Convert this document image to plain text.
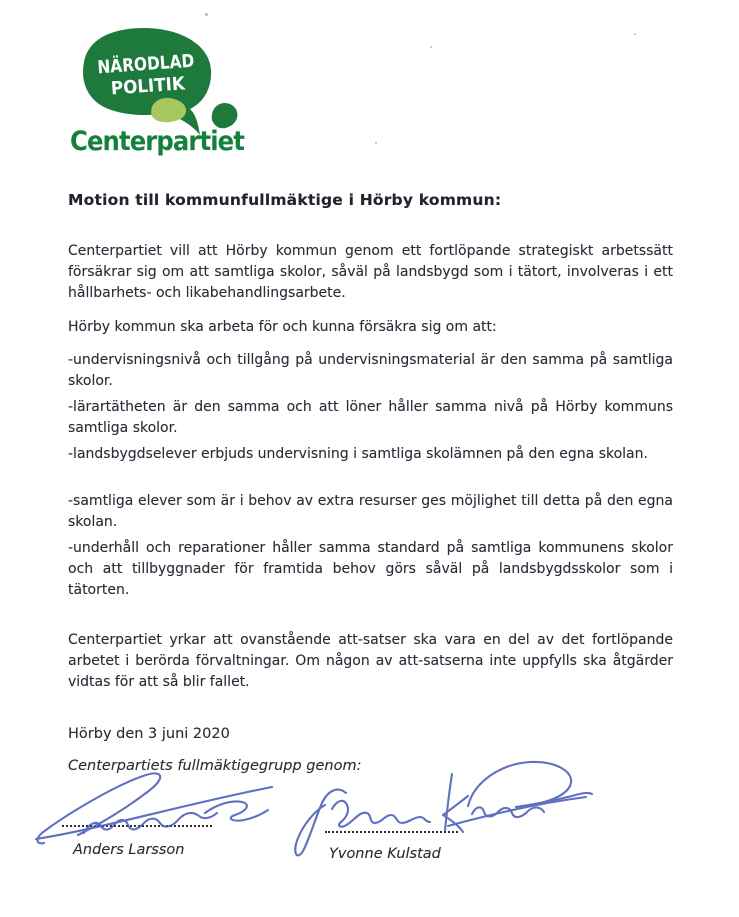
NÄRODLAD
POLITIK
Centerpartiet

Motion till kommunfullmäktige i Hörby kommun:

Centerpartiet vill att Hörby kommun genom ett fortlöpande strategiskt arbetssätt försäkrar sig om att samtliga skolor, såväl på landsbygd som i tätort, involveras i ett hållbarhets- och likabehandlingsarbete.

Hörby kommun ska arbeta för och kunna försäkra sig om att:

-undervisningsnivå och tillgång på undervisningsmaterial är den samma på samtliga skolor.

-lärartätheten är den samma och att löner håller samma nivå på Hörby kommuns samtliga skolor.

-landsbygdselever erbjuds undervisning i samtliga skolämnen på den egna skolan.

-samtliga elever som är i behov av extra resurser ges möjlighet till detta på den egna skolan.

-underhåll och reparationer håller samma standard på samtliga kommunens skolor och att tillbyggnader för framtida behov görs såväl på landsbygdsskolor som i tätorten.

Centerpartiet yrkar att ovanstående att-satser ska vara en del av det fortlöpande arbetet i berörda förvaltningar. Om någon av att-satserna inte uppfylls ska åtgärder vidtas för att så blir fallet.

Hörby den 3 juni 2020

Centerpartiets fullmäktigegrupp genom:

Anders Larsson	Yvonne Kulstad
